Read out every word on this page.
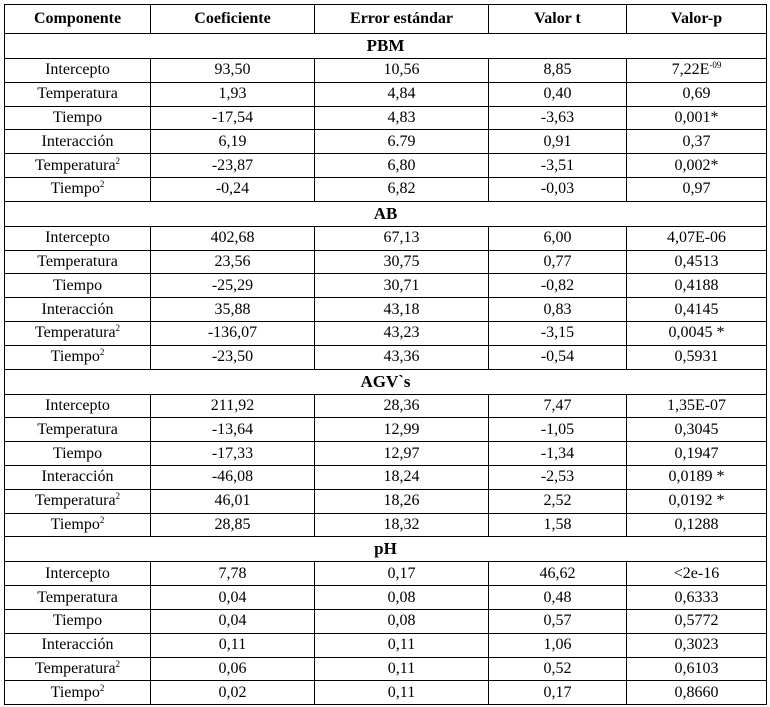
Componente	Coeficiente	Error estándar	Valor t	Valor-p
PBM				
Intercepto	93,50	10,56	8,85	$7,22E^{-09}$
Temperatura	1,93	4,84	0,40	0,69
Tiempo	-17,54	4,83	-3,63	0,001*
Interacción	6,19	6.79	0,91	0,37
Temperatura$^2$	-23,87	6,80	-3,51	0,002*
Tiempo$^2$	-0,24	6,82	-0,03	0,97
AB				
Intercepto	402,68	67,13	6,00	4,07E-06
Temperatura	23,56	30,75	0,77	0,4513
Tiempo	-25,29	30,71	-0,82	0,4188
Interacción	35,88	43,18	0,83	0,4145
Temperatura$^2$	-136,07	43,23	-3,15	0,0045 *
Tiempo$^2$	-23,50	43,36	-0,54	0,5931
AGV`s				
Intercepto	211,92	28,36	7,47	1,35E-07
Temperatura	-13,64	12,99	-1,05	0,3045
Tiempo	-17,33	12,97	-1,34	0,1947
Interacción	-46,08	18,24	-2,53	0,0189 *
Temperatura$^2$	46,01	18,26	2,52	0,0192 *
Tiempo$^2$	28,85	18,32	1,58	0,1288
pH				
Intercepto	7,78	0,17	46,62	<2e-16
Temperatura	0,04	0,08	0,48	0,6333
Tiempo	0,04	0,08	0,57	0,5772
Interacción	0,11	0,11	1,06	0,3023
Temperatura$^2$	0,06	0,11	0,52	0,6103
Tiempo$^2$	0,02	0,11	0,17	0,8660
